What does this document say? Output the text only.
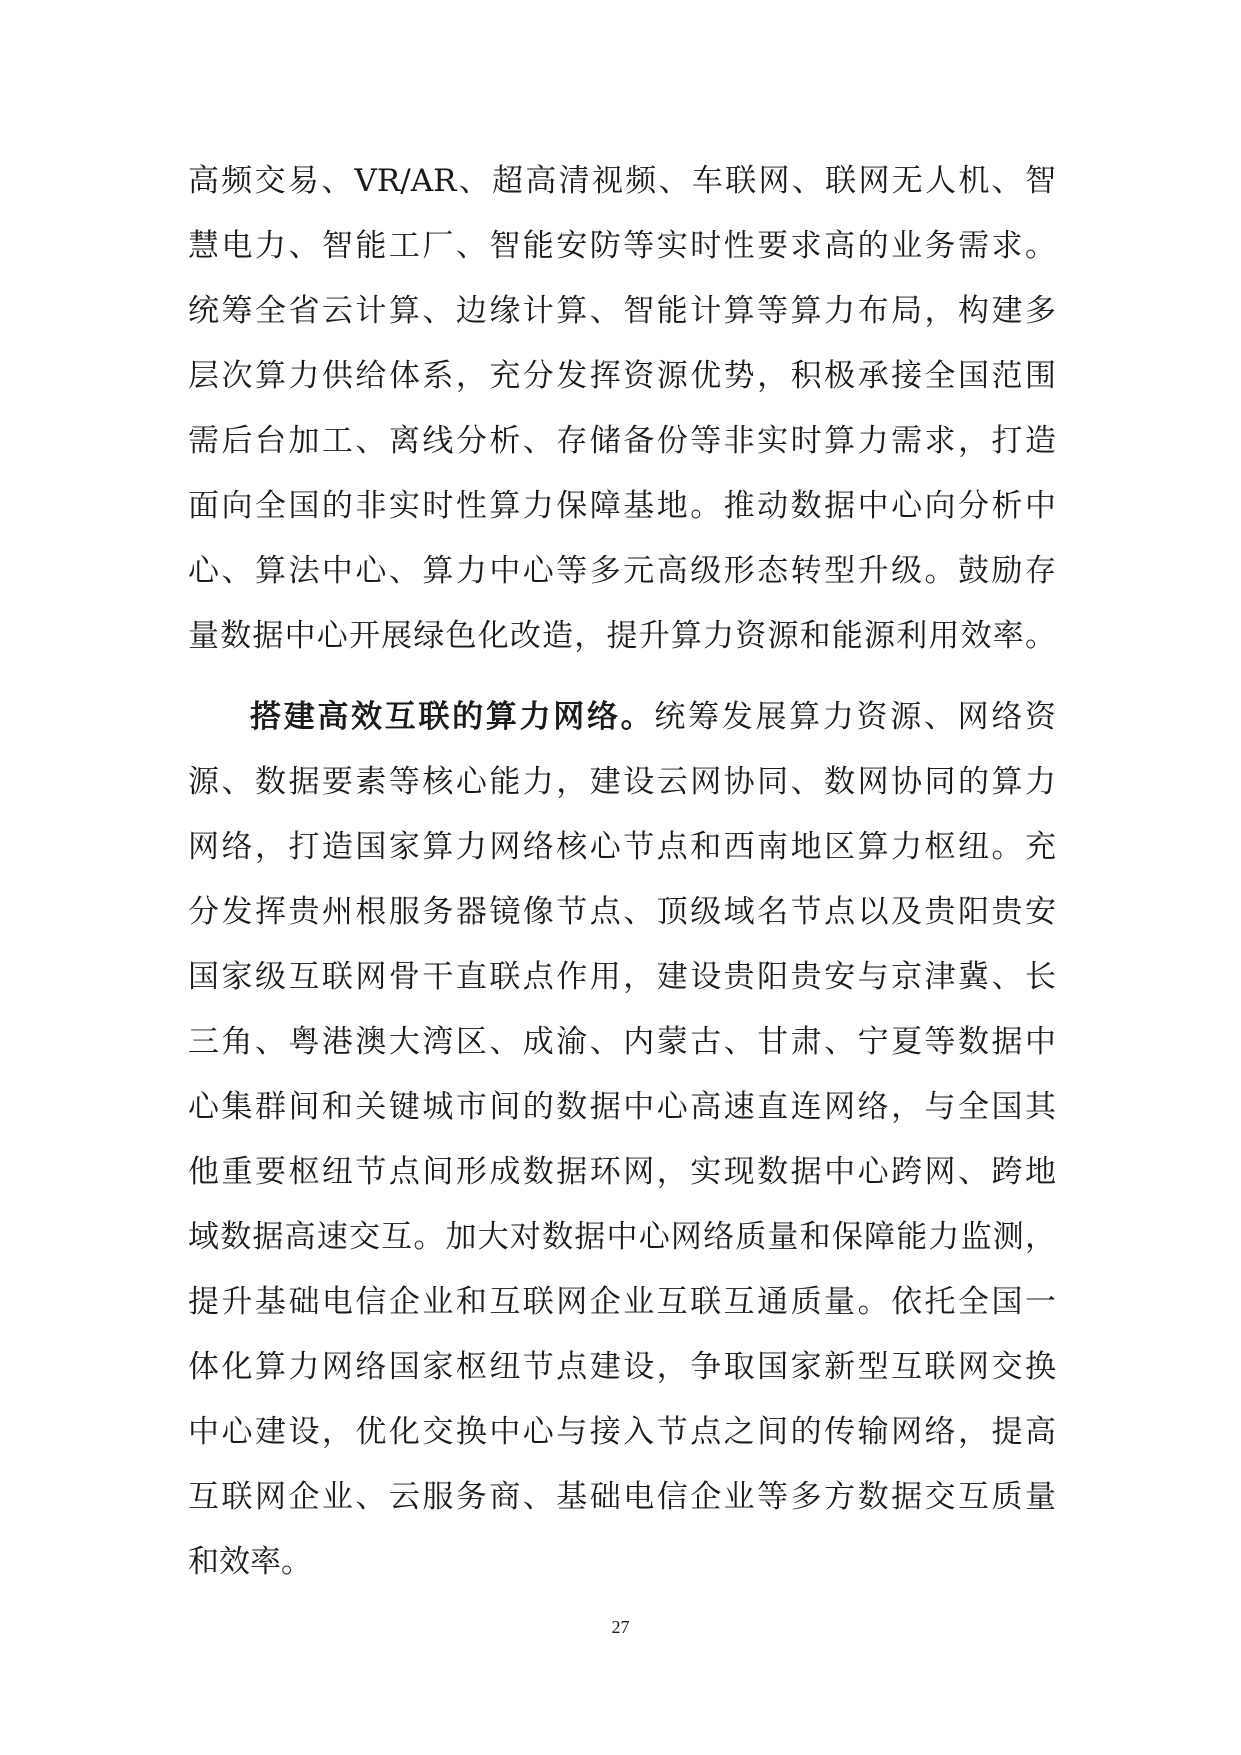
高频交易、VR/AR、超高清视频、车联网、联网无人机、智
慧电力、智能工厂、智能安防等实时性要求高的业务需求。
统筹全省云计算、边缘计算、智能计算等算力布局，构建多
层次算力供给体系，充分发挥资源优势，积极承接全国范围
需后台加工、离线分析、存储备份等非实时算力需求，打造
面向全国的非实时性算力保障基地。推动数据中心向分析中
心、算法中心、算力中心等多元高级形态转型升级。鼓励存
量数据中心开展绿色化改造，提升算力资源和能源利用效率。
搭建高效互联的算力网络。统筹发展算力资源、网络资
源、数据要素等核心能力，建设云网协同、数网协同的算力
网络，打造国家算力网络核心节点和西南地区算力枢纽。充
分发挥贵州根服务器镜像节点、顶级域名节点以及贵阳贵安
国家级互联网骨干直联点作用，建设贵阳贵安与京津冀、长
三角、粤港澳大湾区、成渝、内蒙古、甘肃、宁夏等数据中
心集群间和关键城市间的数据中心高速直连网络，与全国其
他重要枢纽节点间形成数据环网，实现数据中心跨网、跨地
域数据高速交互。加大对数据中心网络质量和保障能力监测，
提升基础电信企业和互联网企业互联互通质量。依托全国一
体化算力网络国家枢纽节点建设，争取国家新型互联网交换
中心建设，优化交换中心与接入节点之间的传输网络，提高
互联网企业、云服务商、基础电信企业等多方数据交互质量
和效率。
27
